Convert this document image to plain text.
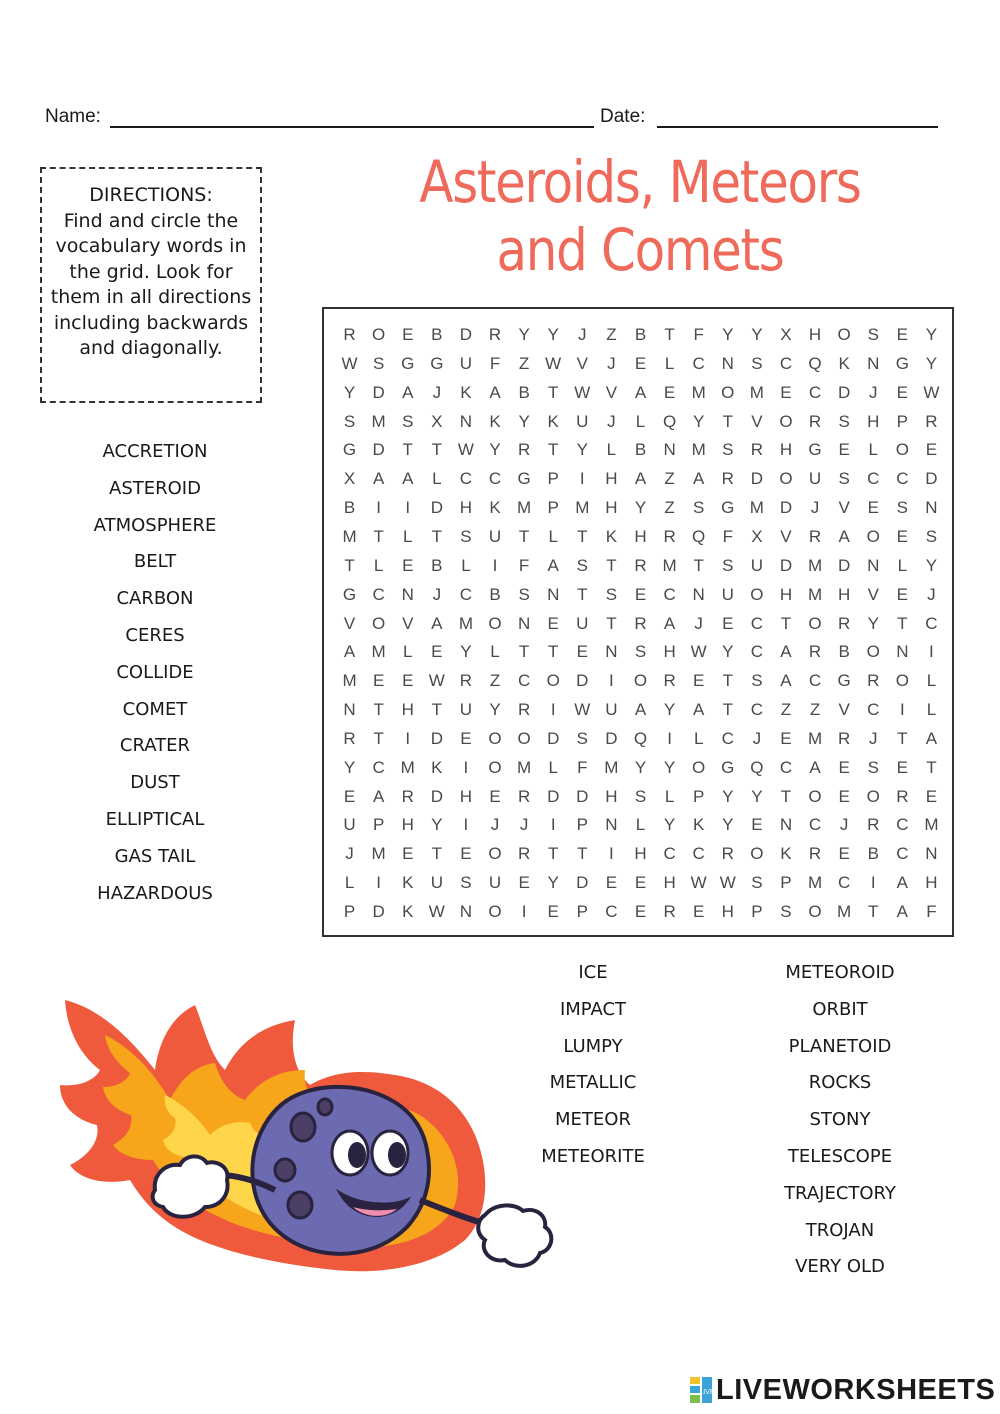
Name:	Date:
Asteroids, Meteors
and Comets
DIRECTIONS:
Find and circle the vocabulary words in the grid. Look for them in all directions including backwards and diagonally.
ACCRETION
ASTEROID
ATMOSPHERE
BELT
CARBON
CERES
COLLIDE
COMET
CRATER
DUST
ELLIPTICAL
GAS TAIL
HAZARDOUS
R O E	B	D R	Y	Y	J	Z	B	T	F	Y	Y	X	H O S	E	Y
W S G G U	F	Z W V	J	E	L	C N	S	C Q K	N G Y
Y	D	A	J	K	A	B	T W V	A	E M O M E	C D	J	E W
S M S	X	N	K	Y	K	U	J	L	Q Y	T	V O R	S	H	P	R
G D	T	T W Y	R	T	Y	L	B	N M S	R H G E	L	O E
X	A	A	L	C C G P	I	H	A	Z	A	R D O U	S	C C D
B	I	I	D H	K M P M H	Y	Z	S G M D	J	V	E	S	N
M T	L	T	S	U	T	L	T	K	H R Q	F	X	V	R	A O E	S
T	L	E	B	L	I	F	A	S	T	R M T	S	U D M D N	L	Y
G C N	J	C	B	S	N	T	S	E	C N U O H M H	V	E	J
V O V	A M O N	E	U	T	R	A	J	E	C	T	O R	Y	T	C
A M	L	E	Y	L	T	T	E	N	S	H W Y	C	A	R	B O N	I
M E	E W R	Z	C O D	I	O R	E	T	S	A	C G R O	L
N	T	H	T	U	Y	R	I	W U	A	Y	A	T	C	Z	Z	V	C	I	L
R	T	I	D	E O O D	S	D Q	I	L	C	J	E M R	J	T	A
Y	C M K	I	O M	L	F M Y	Y O G Q C	A	E	S	E	T
E	A	R D H	E	R D D H	S	L	P	Y	Y	T	O E O R	E
U	P	H	Y	I	J	J	I	P	N	L	Y	K	Y	E	N C	J	R C M
J	M E	T	E O R	T	T	I	H C C R O K	R	E	B	C N
L	I	K	U	S	U	E	Y	D	E	E	H W W S	P M C	I	A	H
P	D	K W N O	I	E	P	C	E	R	E	H	P	S O M T	A	F
ICE
IMPACT
LUMPY
METALLIC
METEOR
METEORITE
METEOROID
ORBIT
PLANETOID
ROCKS
STONY
TELESCOPE
TRAJECTORY
TROJAN
VERY OLD
LIVE LIVEWORKSHEETS
